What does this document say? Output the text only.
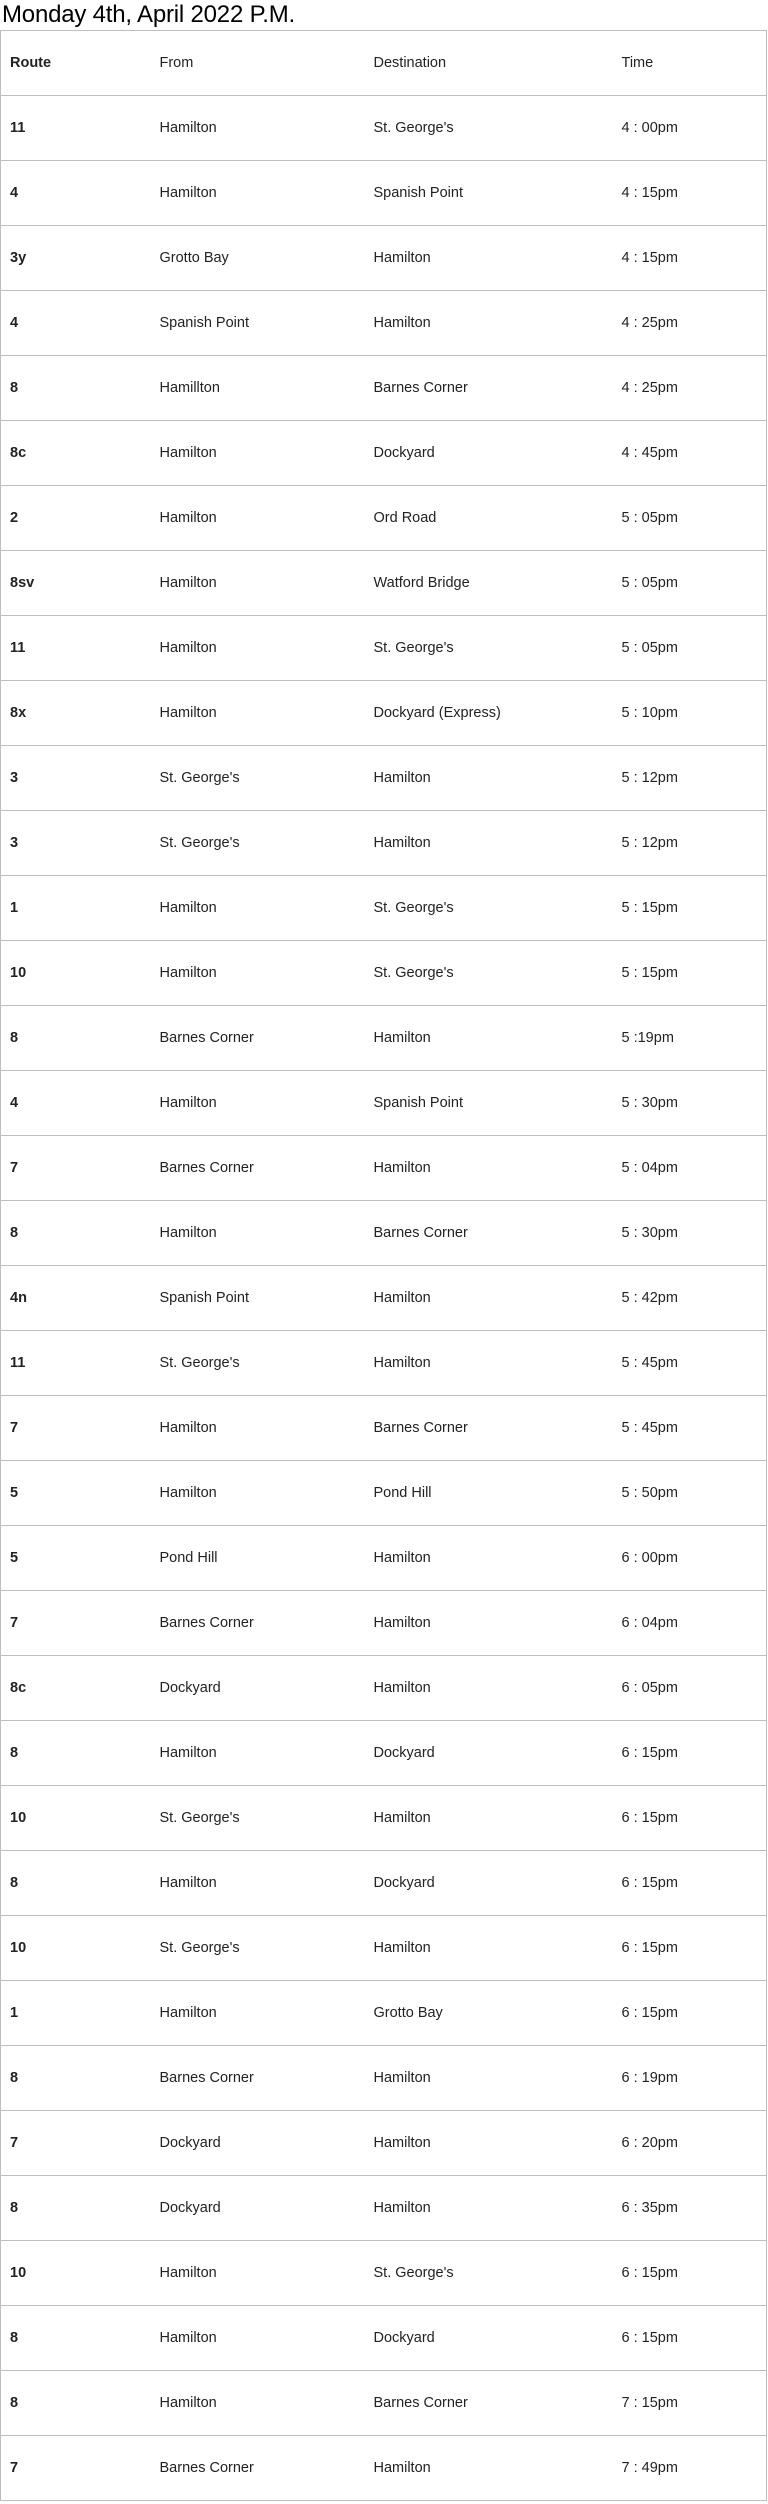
Monday 4th, April 2022 P.M.
Route	From	Destination	Time
11	Hamilton	St. George's	4 : 00pm
4	Hamilton	Spanish Point	4 : 15pm
3y	Grotto Bay	Hamilton	4 : 15pm
4	Spanish Point	Hamilton	4 : 25pm
8	Hamillton	Barnes Corner	4 : 25pm
8c	Hamilton	Dockyard	4 : 45pm
2	Hamilton	Ord Road	5 : 05pm
8sv	Hamilton	Watford Bridge	5 : 05pm
11	Hamilton	St. George's	5 : 05pm
8x	Hamilton	Dockyard (Express)	5 : 10pm
3	St. George's	Hamilton	5 : 12pm
3	St. George's	Hamilton	5 : 12pm
1	Hamilton	St. George's	5 : 15pm
10	Hamilton	St. George's	5 : 15pm
8	Barnes Corner	Hamilton	5 :19pm
4	Hamilton	Spanish Point	5 : 30pm
7	Barnes Corner	Hamilton	5 : 04pm
8	Hamilton	Barnes Corner	5 : 30pm
4n	Spanish Point	Hamilton	5 : 42pm
11	St. George's	Hamilton	5 : 45pm
7	Hamilton	Barnes Corner	5 : 45pm
5	Hamilton	Pond Hill	5 : 50pm
5	Pond Hill	Hamilton	6 : 00pm
7	Barnes Corner	Hamilton	6 : 04pm
8c	Dockyard	Hamilton	6 : 05pm
8	Hamilton	Dockyard	6 : 15pm
10	St. George's	Hamilton	6 : 15pm
8	Hamilton	Dockyard	6 : 15pm
10	St. George's	Hamilton	6 : 15pm
1	Hamilton	Grotto Bay	6 : 15pm
8	Barnes Corner	Hamilton	6 : 19pm
7	Dockyard	Hamilton	6 : 20pm
8	Dockyard	Hamilton	6 : 35pm
10	Hamilton	St. George's	6 : 15pm
8	Hamilton	Dockyard	6 : 15pm
8	Hamilton	Barnes Corner	7 : 15pm
7	Barnes Corner	Hamilton	7 : 49pm
